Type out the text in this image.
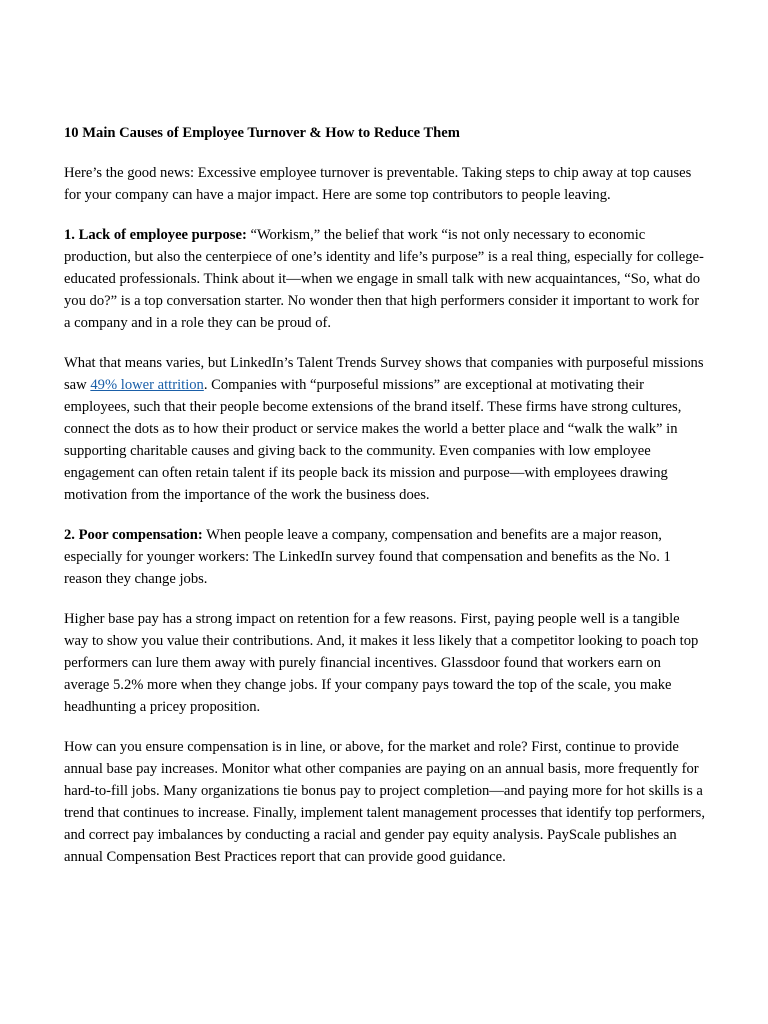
10 Main Causes of Employee Turnover & How to Reduce Them

Here’s the good news: Excessive employee turnover is preventable. Taking steps to chip away at top causes for your company can have a major impact. Here are some top contributors to people leaving.

1. Lack of employee purpose: “Workism,” the belief that work “is not only necessary to economic production, but also the centerpiece of one’s identity and life’s purpose” is a real thing, especially for college-educated professionals. Think about it—when we engage in small talk with new acquaintances, “So, what do you do?” is a top conversation starter. No wonder then that high performers consider it important to work for a company and in a role they can be proud of.

What that means varies, but LinkedIn’s Talent Trends Survey shows that companies with purposeful missions saw 49% lower attrition. Companies with “purposeful missions” are exceptional at motivating their employees, such that their people become extensions of the brand itself. These firms have strong cultures, connect the dots as to how their product or service makes the world a better place and “walk the walk” in supporting charitable causes and giving back to the community. Even companies with low employee engagement can often retain talent if its people back its mission and purpose—with employees drawing motivation from the importance of the work the business does.

2. Poor compensation: When people leave a company, compensation and benefits are a major reason, especially for younger workers: The LinkedIn survey found that compensation and benefits as the No. 1 reason they change jobs.

Higher base pay has a strong impact on retention for a few reasons. First, paying people well is a tangible way to show you value their contributions. And, it makes it less likely that a competitor looking to poach top performers can lure them away with purely financial incentives. Glassdoor found that workers earn on average 5.2% more when they change jobs. If your company pays toward the top of the scale, you make headhunting a pricey proposition.

How can you ensure compensation is in line, or above, for the market and role? First, continue to provide annual base pay increases. Monitor what other companies are paying on an annual basis, more frequently for hard-to-fill jobs. Many organizations tie bonus pay to project completion—and paying more for hot skills is a trend that continues to increase. Finally, implement talent management processes that identify top performers, and correct pay imbalances by conducting a racial and gender pay equity analysis. PayScale publishes an annual Compensation Best Practices report that can provide good guidance.
